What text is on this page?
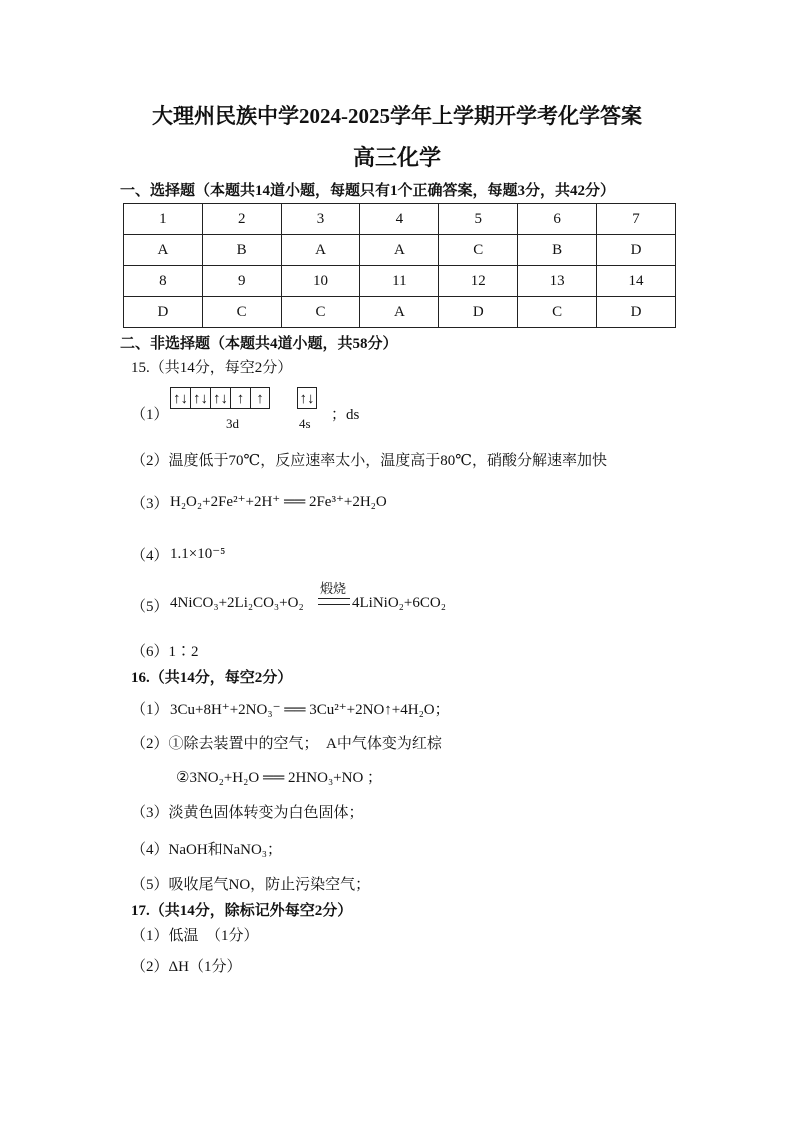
大理州民族中学2024-2025学年上学期开学考化学答案
高三化学
一、选择题（本题共14道小题，每题只有1个正确答案，每题3分，共42分）
1	2	3	4	5	6	7
A	B	A	A	C	B	D
8	9	10	11	12	13	14
D	C	C	A	D	C	D
二、非选择题（本题共4道小题，共58分）
15.（共14分，每空2分）
（1）
↑↓ ↑↓ ↑↓ ↑ ↑	↑↓
3d	4s
；ds
（2）温度低于70℃，反应速率太小，温度高于80℃，硝酸分解速率加快
（3） H₂O₂+2Fe²⁺+2H⁺ ══ 2Fe³⁺+2H₂O
（4） 1.1×10⁻⁵
（5） 4NiCO₃+2Li₂CO₃+O₂
煅烧
4LiNiO₂+6CO₂
（6）1∶2
16.（共14分，每空2分）
（1） 3Cu+8H⁺+2NO₃⁻ ══ 3Cu²⁺+2NO↑+4H₂O；
（2）①除去装置中的空气；　A中气体变为红棕
②3NO₂+H₂O ══ 2HNO₃+NO ；
（3）淡黄色固体转变为白色固体；
（4）NaOH和NaNO₃；
（5）吸收尾气NO，防止污染空气；
17.（共14分，除标记外每空2分）
（1）低温　（1分）
（2）ΔH（1分）
